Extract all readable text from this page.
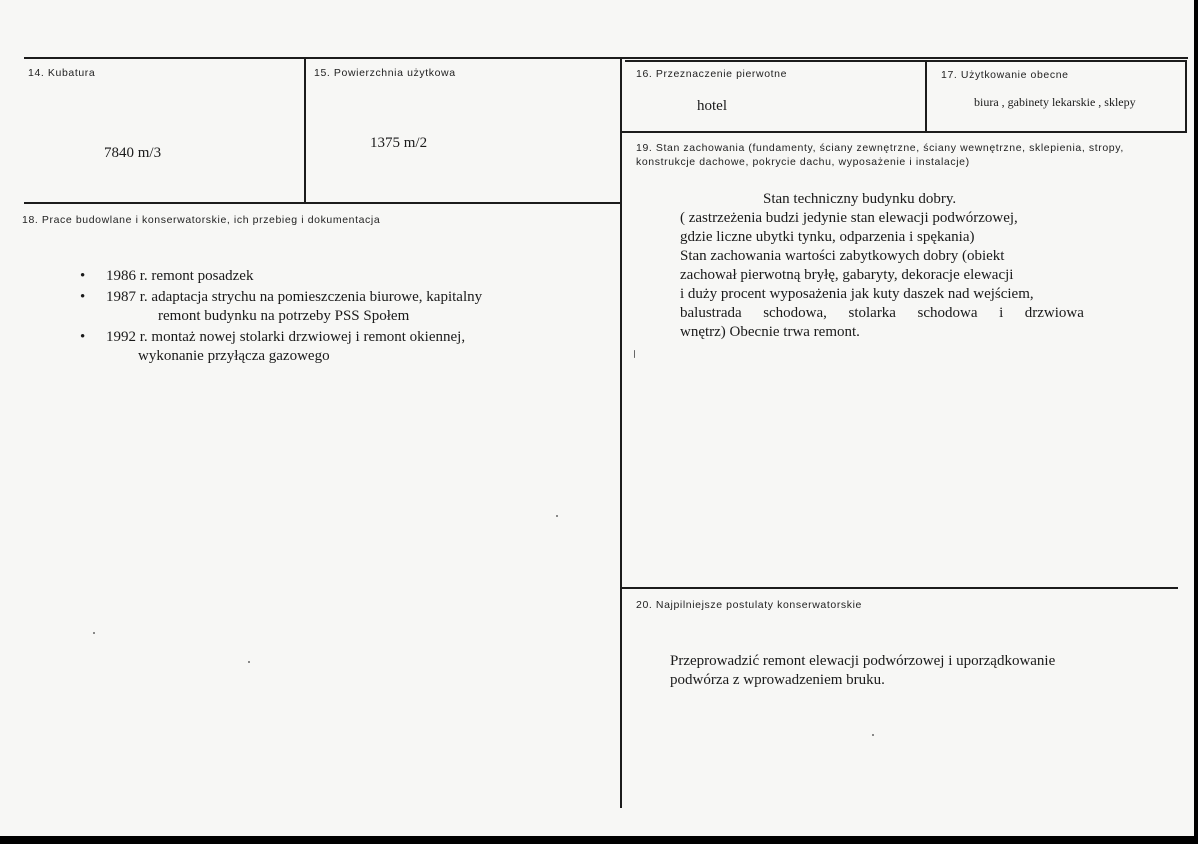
14. Kubatura
7840 m/3
15. Powierzchnia użytkowa
1375 m/2
16. Przeznaczenie pierwotne
hotel
17. Użytkowanie obecne
biura , gabinety lekarskie , sklepy
18. Prace budowlane i konserwatorskie, ich przebieg i dokumentacja
• 1986 r. remont posadzek
• 1987 r. adaptacja strychu na pomieszczenia biurowe, kapitalny
remont budynku na potrzeby PSS Społem
• 1992 r. montaż nowej stolarki drzwiowej i remont okiennej,
wykonanie przyłącza gazowego
19. Stan zachowania (fundamenty, ściany zewnętrzne, ściany wewnętrzne, sklepienia, stropy, konstrukcje dachowe, pokrycie dachu, wyposażenie i instalacje)
Stan techniczny budynku dobry.
( zastrzeżenia budzi jedynie stan elewacji podwórzowej,
gdzie liczne ubytki tynku, odparzenia i spękania)
Stan zachowania wartości zabytkowych dobry (obiekt
zachował pierwotną bryłę, gabaryty, dekoracje elewacji
i duży procent wyposażenia jak kuty daszek nad wejściem,
balustrada schodowa, stolarka schodowa i drzwiowa
wnętrz) Obecnie trwa remont.
20. Najpilniejsze postulaty konserwatorskie
Przeprowadzić remont elewacji podwórzowej i uporządkowanie
podwórza z wprowadzeniem bruku.
